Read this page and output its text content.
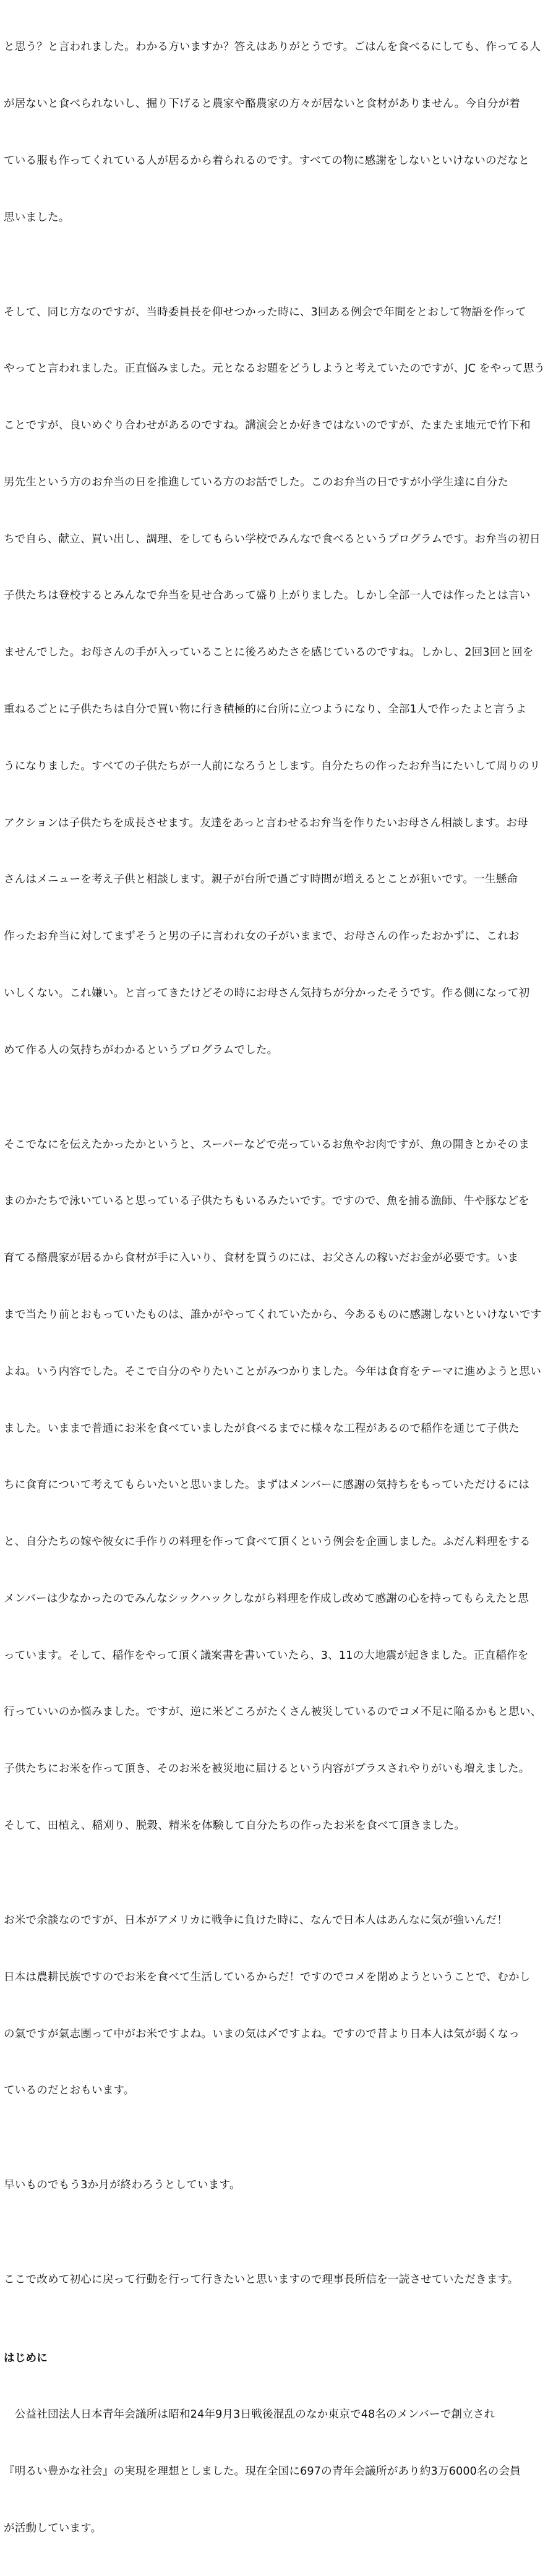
と思う？と言われました。わかる方いますか？答えはありがとうです。ごはんを食べるにしても、作ってる人

が居ないと食べられないし、掘り下げると農家や酪農家の方々が居ないと食材がありません。今自分が着

ている服も作ってくれている人が居るから着られるのです。すべての物に感謝をしないといけないのだなと

思いました。

そして、同じ方なのですが、当時委員長を仰せつかった時に、3回ある例会で年間をとおして物語を作って

やってと言われました。正直悩みました。元となるお題をどうしようと考えていたのですが、JC をやって思う

ことですが、良いめぐり合わせがあるのですね。講演会とか好きではないのですが、たまたま地元で竹下和

男先生という方のお弁当の日を推進している方のお話でした。このお弁当の日ですが小学生達に自分た

ちで自ら、献立、買い出し、調理、をしてもらい学校でみんなで食べるというプログラムです。お弁当の初日

子供たちは登校するとみんなで弁当を見せ合あって盛り上がりました。しかし全部一人では作ったとは言い

ませんでした。お母さんの手が入っていることに後ろめたさを感じているのですね。しかし、2回3回と回を

重ねるごとに子供たちは自分で買い物に行き積極的に台所に立つようになり、全部1人で作ったよと言うよ

うになりました。すべての子供たちが一人前になろうとします。自分たちの作ったお弁当にたいして周りのリ

アクションは子供たちを成長させます。友達をあっと言わせるお弁当を作りたいお母さん相談します。お母

さんはメニューを考え子供と相談します。親子が台所で過ごす時間が増えるとことが狙いです。一生懸命

作ったお弁当に対してまずそうと男の子に言われ女の子がいままで、お母さんの作ったおかずに、これお

いしくない。これ嫌い。と言ってきたけどその時にお母さん気持ちが分かったそうです。作る側になって初

めて作る人の気持ちがわかるというプログラムでした。

そこでなにを伝えたかったかというと、スーパーなどで売っているお魚やお肉ですが、魚の開きとかそのま

まのかたちで泳いていると思っている子供たちもいるみたいです。ですので、魚を捕る漁師、牛や豚などを

育てる酪農家が居るから食材が手に入いり、食材を買うのには、お父さんの稼いだお金が必要です。いま

まで当たり前とおもっていたものは、誰かがやってくれていたから、今あるものに感謝しないといけないです

よね。いう内容でした。そこで自分のやりたいことがみつかりました。今年は食育をテーマに進めようと思い

ました。いままで普通にお米を食べていましたが食べるまでに様々な工程があるので稲作を通じて子供た

ちに食育について考えてもらいたいと思いました。まずはメンバーに感謝の気持ちをもっていただけるには

と、自分たちの嫁や彼女に手作りの料理を作って食べて頂くという例会を企画しました。ふだん料理をする

メンバーは少なかったのでみんなシックハックしながら料理を作成し改めて感謝の心を持ってもらえたと思

っています。そして、稲作をやって頂く議案書を書いていたら、3、11の大地震が起きました。正直稲作を

行っていいのか悩みました。ですが、逆に米どころがたくさん被災しているのでコメ不足に陥るかもと思い、

子供たちにお米を作って頂き、そのお米を被災地に届けるという内容がプラスされやりがいも増えました。

そして、田植え、稲刈り、脱穀、精米を体験して自分たちの作ったお米を食べて頂きました。

お米で余談なのですが、日本がアメリカに戦争に負けた時に、なんで日本人はあんなに気が強いんだ！

日本は農耕民族ですのでお米を食べて生活しているからだ！ですのでコメを閉めようということで、むかし

の氣ですが氣志團って中がお米ですよね。いまの気は〆ですよね。ですので昔より日本人は気が弱くなっ

ているのだとおもいます。

早いものでもう3か月が終わろうとしています。

ここで改めて初心に戻って行動を行って行きたいと思いますので理事長所信を一読させていただきます。

はじめに

　公益社団法人日本青年会議所は昭和24年9月3日戦後混乱のなか東京で48名のメンバーで創立され

『明るい豊かな社会』の実現を理想としました。現在全国に697の青年会議所があり約3万6000名の会員

が活動しています。
